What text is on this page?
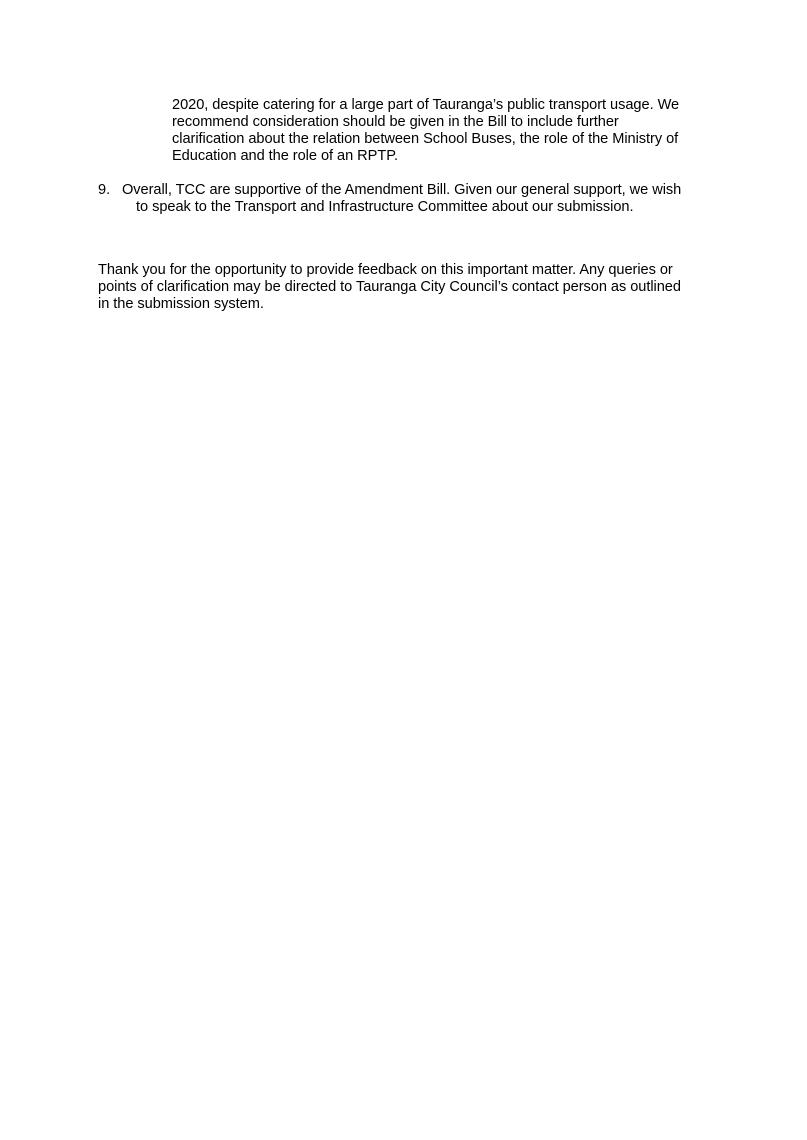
2020, despite catering for a large part of Tauranga’s public transport usage. We
recommend consideration should be given in the Bill to include further
clarification about the relation between School Buses, the role of the Ministry of
Education and the role of an RPTP.
9. Overall, TCC are supportive of the Amendment Bill. Given our general support, we wish
to speak to the Transport and Infrastructure Committee about our submission.
Thank you for the opportunity to provide feedback on this important matter. Any queries or
points of clarification may be directed to Tauranga City Council’s contact person as outlined
in the submission system.
